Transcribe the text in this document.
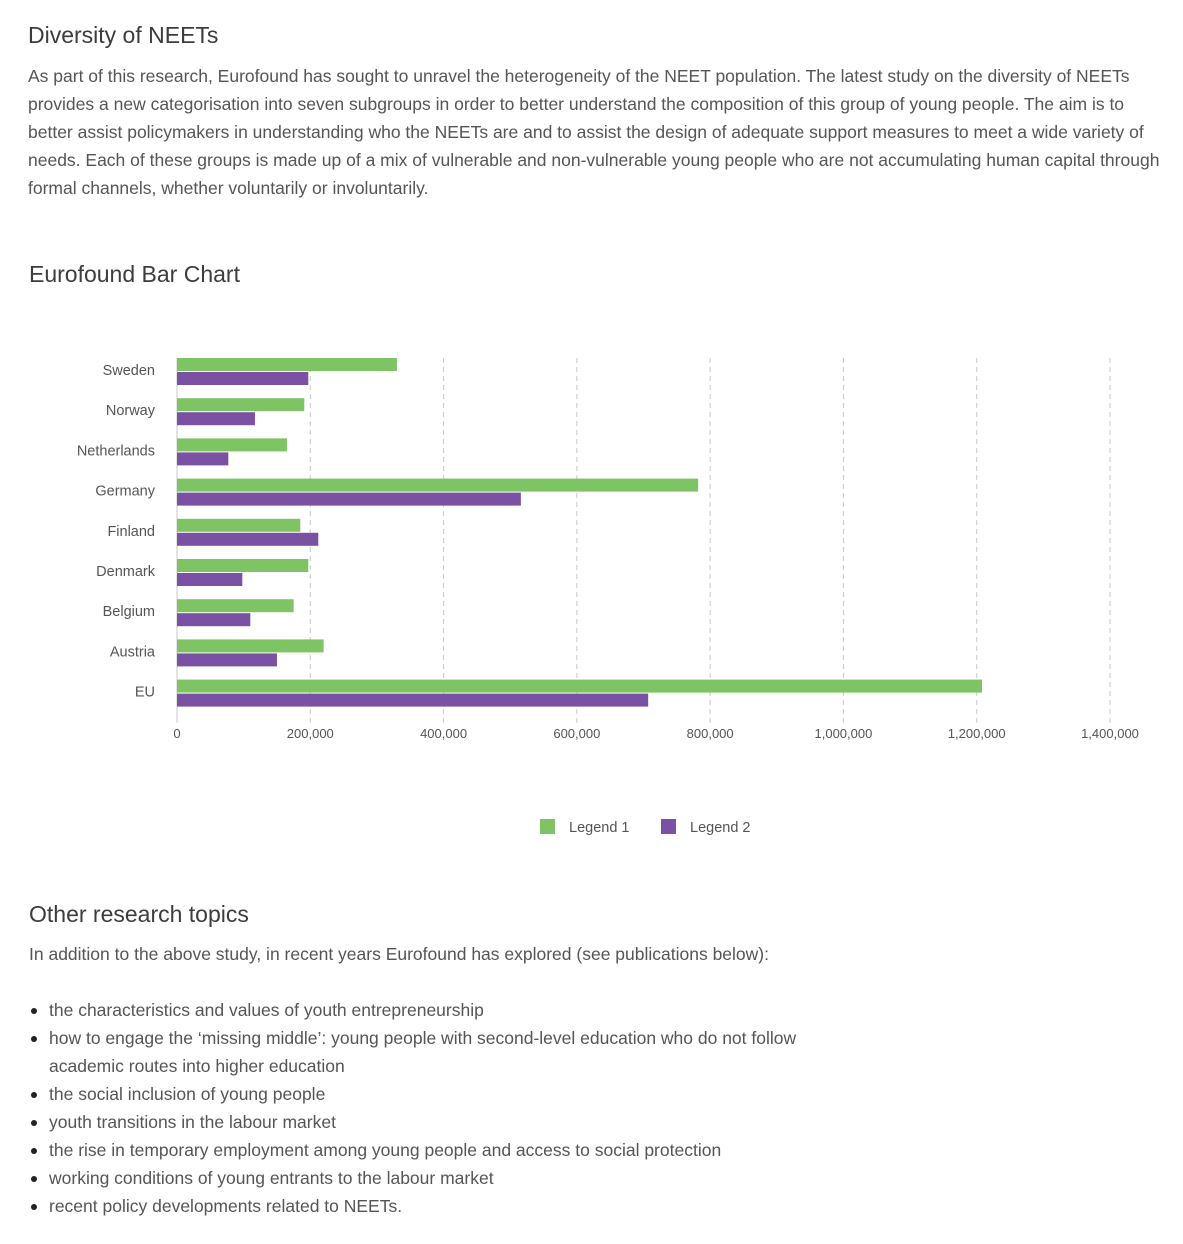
Diversity of NEETs

As part of this research, Eurofound has sought to unravel the heterogeneity of the NEET population. The latest study on the diversity of NEETs provides a new categorisation into seven subgroups in order to better understand the composition of this group of young people. The aim is to better assist policymakers in understanding who the NEETs are and to assist the design of adequate support measures to meet a wide variety of needs. Each of these groups is made up of a mix of vulnerable and non-vulnerable young people who are not accumulating human capital through formal channels, whether voluntarily or involuntarily.

Eurofound Bar Chart
0	200,000	400,000	600,000	800,000	1,000,000	1,200,000	1,400,000
Sweden
Norway
Netherlands
Germany
Finland
Denmark
Belgium
Austria
EU
Legend 1	Legend 2
Other research topics

In addition to the above study, in recent years Eurofound has explored (see publications below):

the characteristics and values of youth entrepreneurship
how to engage the ‘missing middle’: young people with second-level education who do not follow academic routes into higher education
the social inclusion of young people
youth transitions in the labour market
the rise in temporary employment among young people and access to social protection
working conditions of young entrants to the labour market
recent policy developments related to NEETs.
